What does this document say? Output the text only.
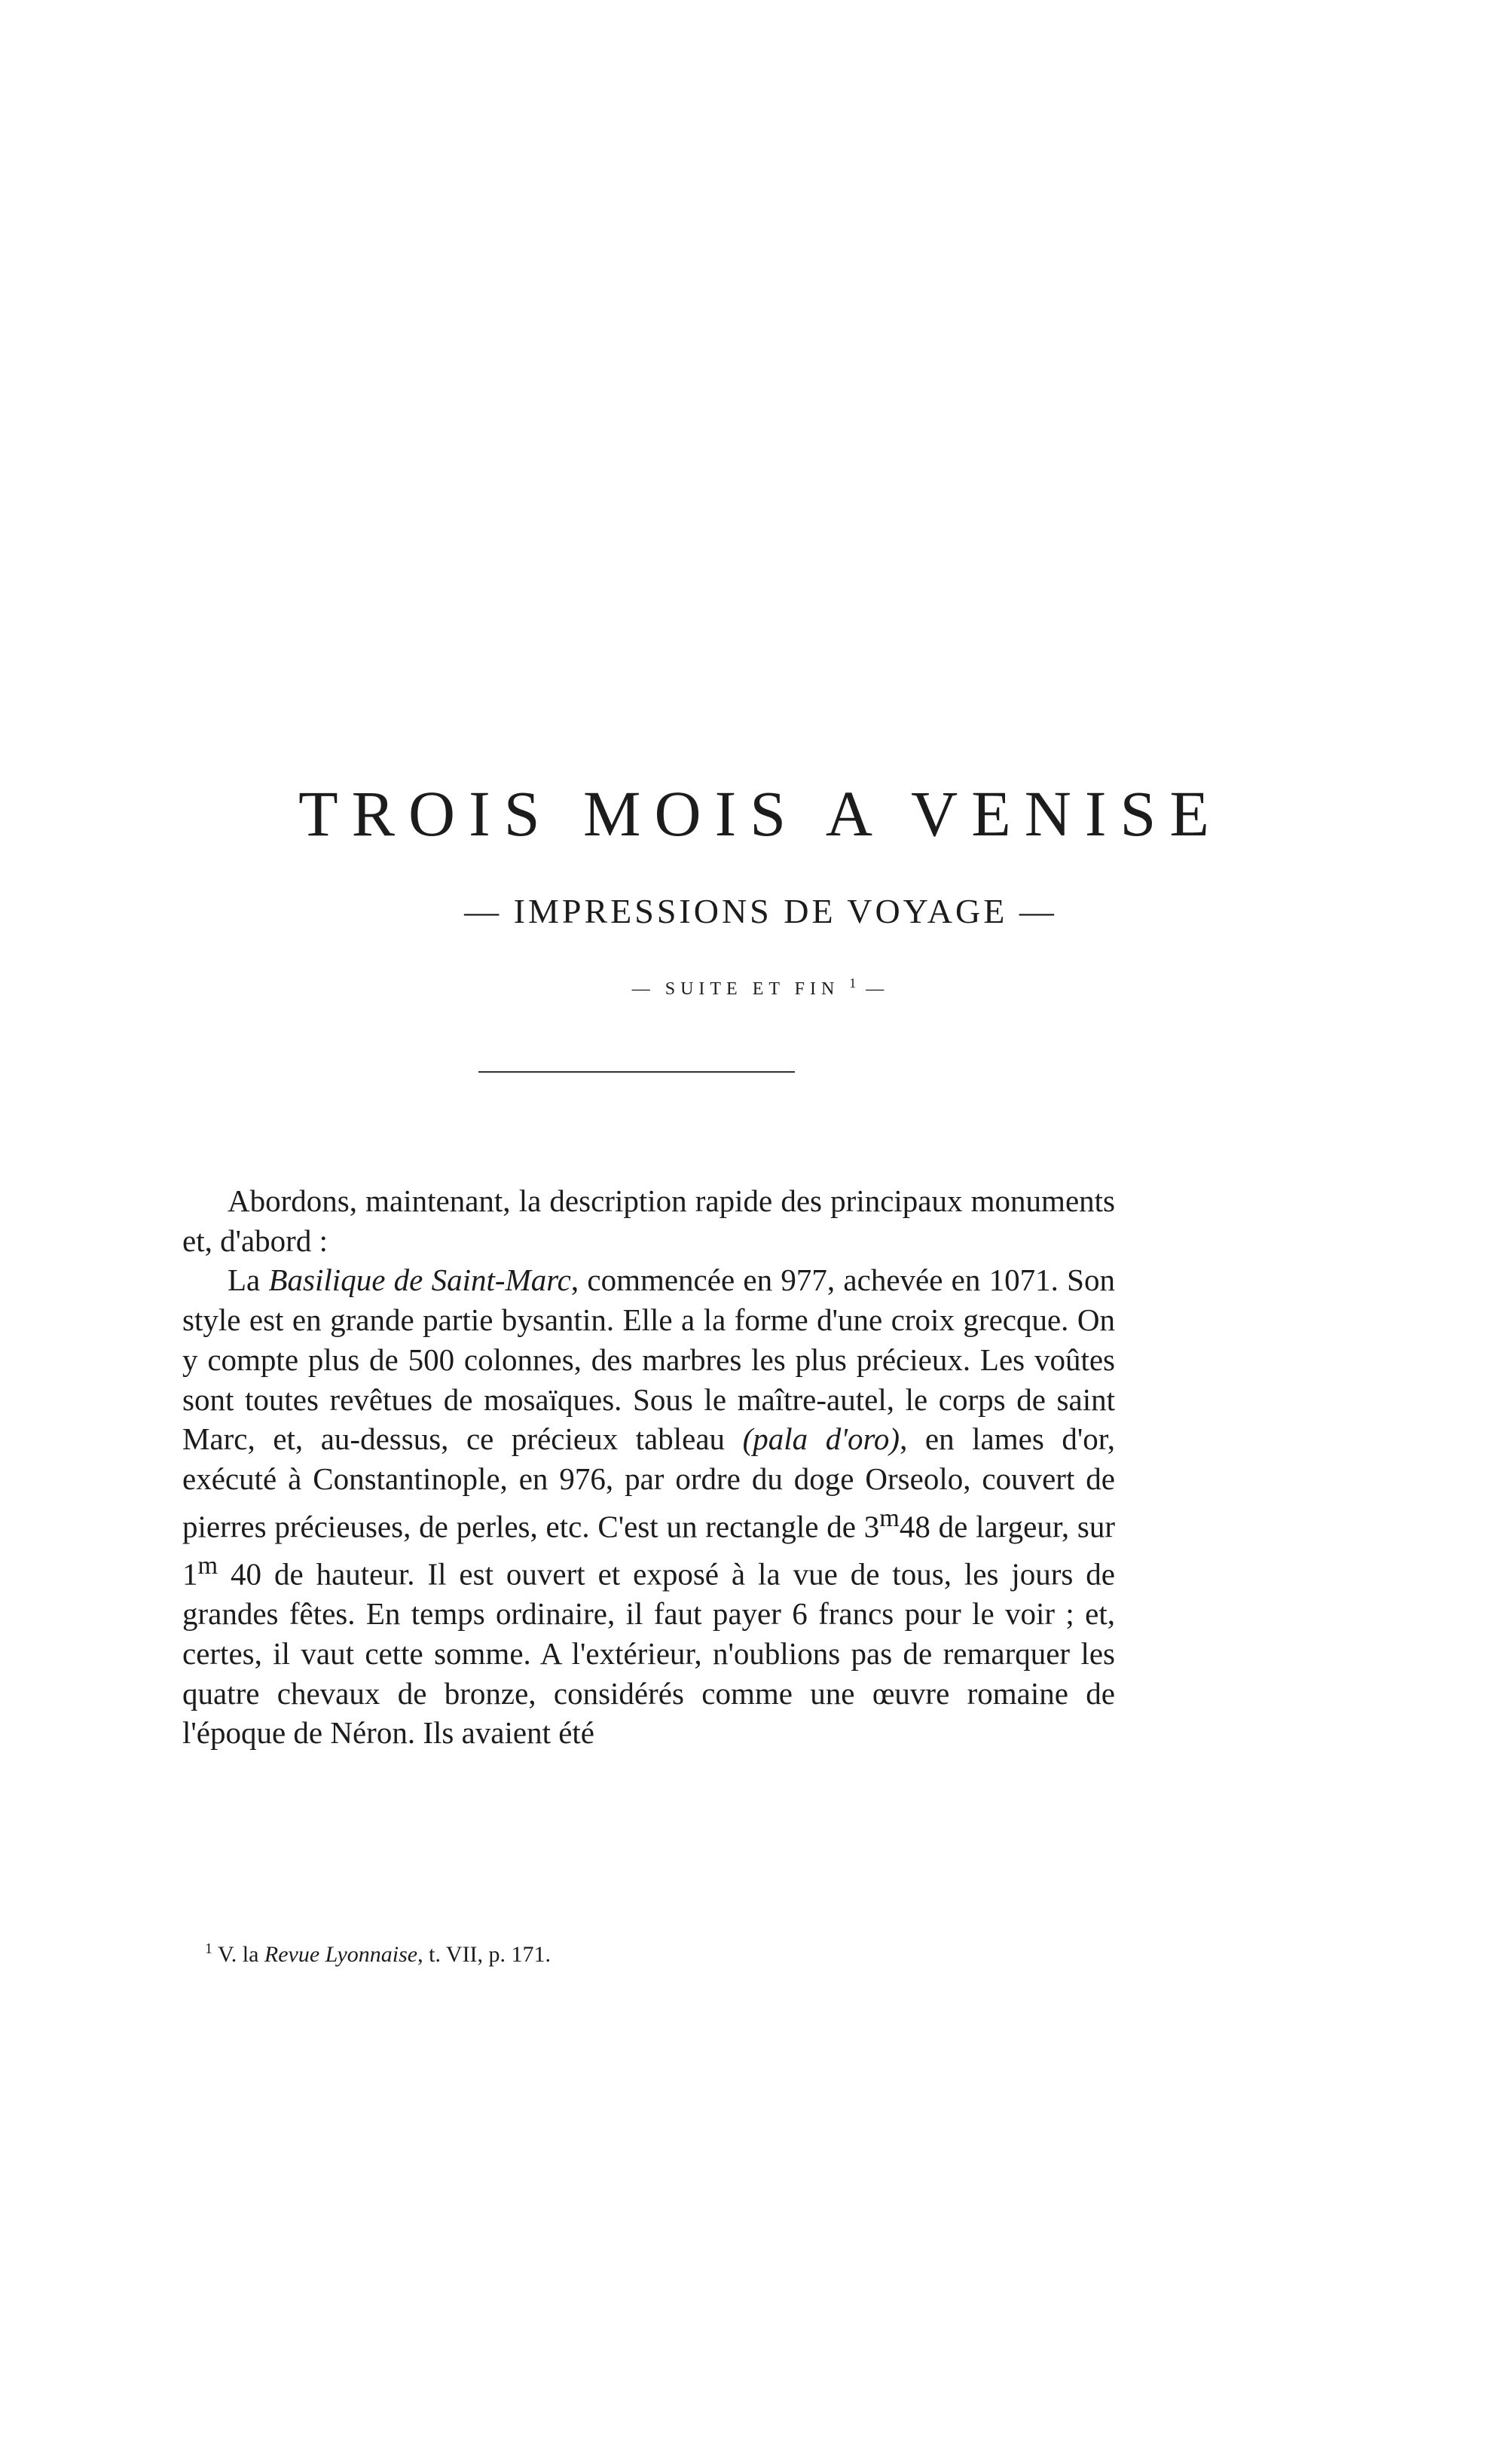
TROIS MOIS A VENISE
— IMPRESSIONS DE VOYAGE —
— SUITE ET FIN $^1$ —

Abordons, maintenant, la description rapide des principaux monuments et, d'abord :

La Basilique de Saint-Marc, commencée en 977, achevée en 1071. Son style est en grande partie bysantin. Elle a la forme d'une croix grecque. On y compte plus de 500 colonnes, des marbres les plus précieux. Les voûtes sont toutes revêtues de mosaïques. Sous le maître-autel, le corps de saint Marc, et, au-dessus, ce précieux tableau (pala d'oro), en lames d'or, exécuté à Constantinople, en 976, par ordre du doge Orseolo, couvert de pierres précieuses, de perles, etc. C'est un rectangle de 3$^m$48 de largeur, sur 1$^m$ 40 de hauteur. Il est ouvert et exposé à la vue de tous, les jours de grandes fêtes. En temps ordinaire, il faut payer 6 francs pour le voir ; et, certes, il vaut cette somme. A l'extérieur, n'oublions pas de remarquer les quatre chevaux de bronze, considérés comme une œuvre romaine de l'époque de Néron. Ils avaient été

$^1$ V. la Revue Lyonnaise, t. VII, p. 171.
